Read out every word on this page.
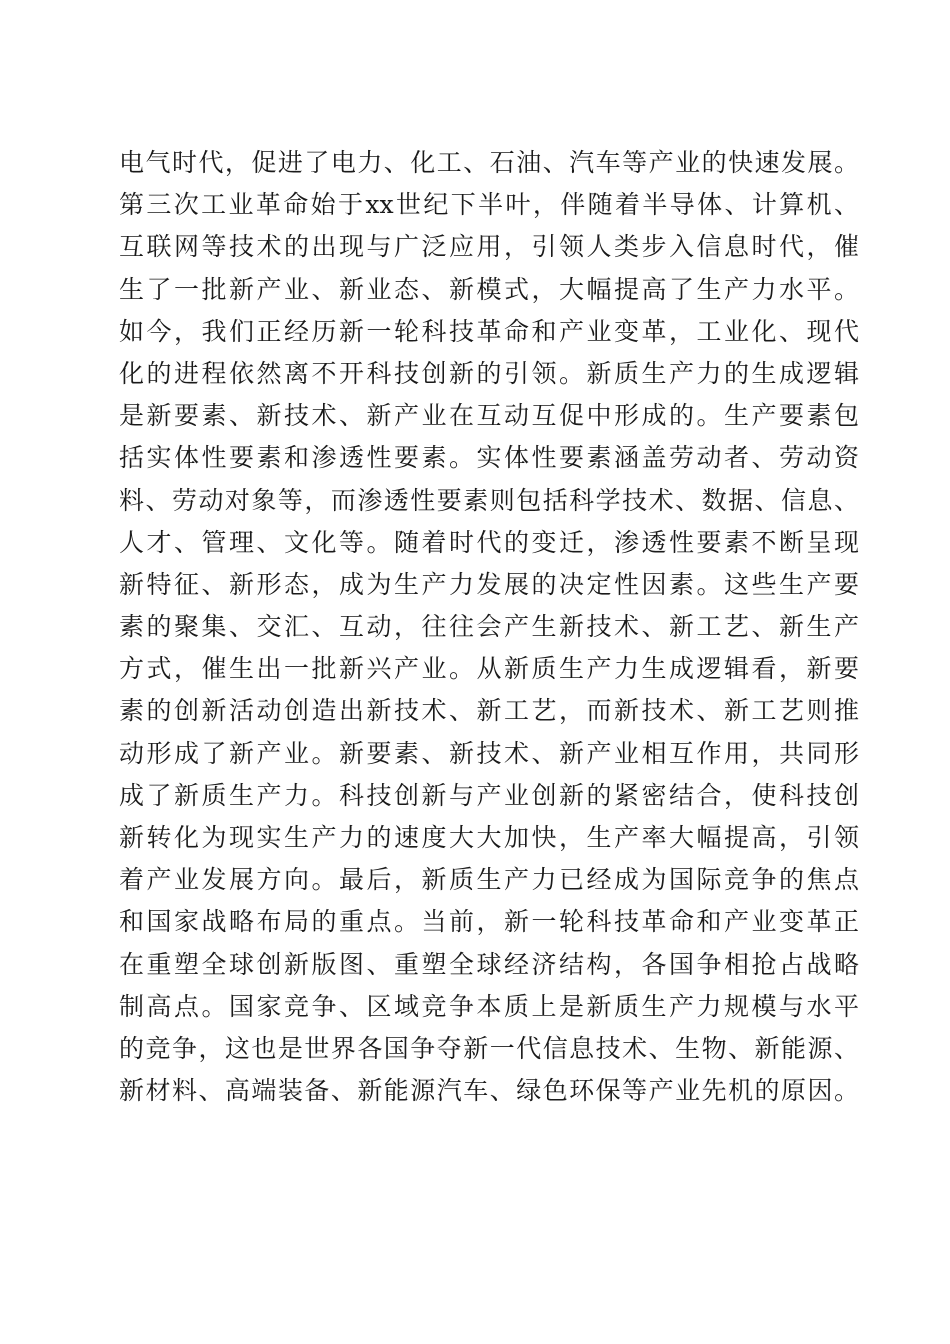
电气时代，促进了电力、化工、石油、汽车等产业的快速发展。
第三次工业革命始于xx世纪下半叶，伴随着半导体、计算机、
互联网等技术的出现与广泛应用，引领人类步入信息时代，催
生了一批新产业、新业态、新模式，大幅提高了生产力水平。
如今，我们正经历新一轮科技革命和产业变革，工业化、现代
化的进程依然离不开科技创新的引领。新质生产力的生成逻辑
是新要素、新技术、新产业在互动互促中形成的。生产要素包
括实体性要素和渗透性要素。实体性要素涵盖劳动者、劳动资
料、劳动对象等，而渗透性要素则包括科学技术、数据、信息、
人才、管理、文化等。随着时代的变迁，渗透性要素不断呈现
新特征、新形态，成为生产力发展的决定性因素。这些生产要
素的聚集、交汇、互动，往往会产生新技术、新工艺、新生产
方式，催生出一批新兴产业。从新质生产力生成逻辑看，新要
素的创新活动创造出新技术、新工艺，而新技术、新工艺则推
动形成了新产业。新要素、新技术、新产业相互作用，共同形
成了新质生产力。科技创新与产业创新的紧密结合，使科技创
新转化为现实生产力的速度大大加快，生产率大幅提高，引领
着产业发展方向。最后，新质生产力已经成为国际竞争的焦点
和国家战略布局的重点。当前，新一轮科技革命和产业变革正
在重塑全球创新版图、重塑全球经济结构，各国争相抢占战略
制高点。国家竞争、区域竞争本质上是新质生产力规模与水平
的竞争，这也是世界各国争夺新一代信息技术、生物、新能源、
新材料、高端装备、新能源汽车、绿色环保等产业先机的原因。
